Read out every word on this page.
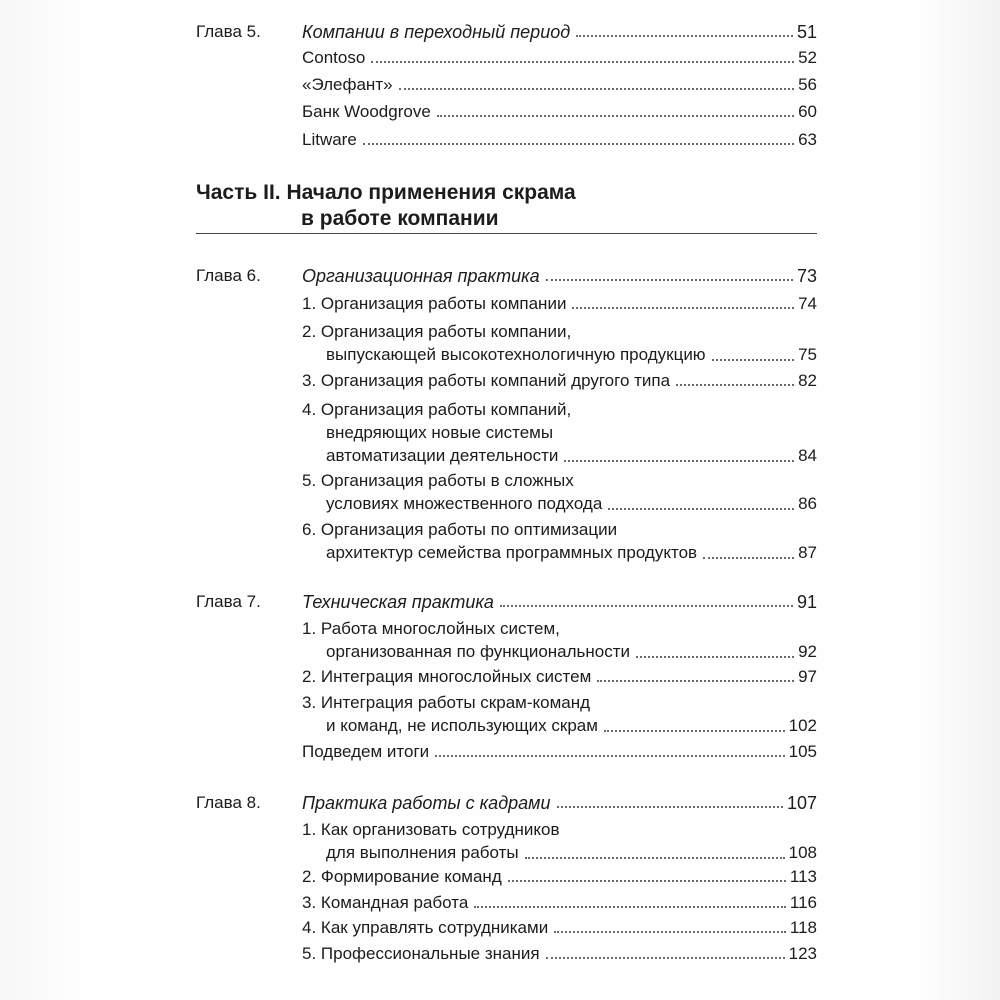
Глава 5. Компании в переходный период	51
Contoso	52
«Элефант»	56
Банк Woodgrove	60
Litware	63
Часть II. Начало применения скрама
в работе компании
Глава 6. Организационная практика	73
1. Организация работы компании	74
2. Организация работы компании,
выпускающей высокотехнологичную продукцию	75
3. Организация работы компаний другого типа	82
4. Организация работы компаний,
внедряющих новые системы
автоматизации деятельности	84
5. Организация работы в сложных
условиях множественного подхода	86
6. Организация работы по оптимизации
архитектур семейства программных продуктов	87
Глава 7. Техническая практика	91
1. Работа многослойных систем,
организованная по функциональности	92
2. Интеграция многослойных систем	97
3. Интеграция работы скрам-команд
и команд, не использующих скрам	102
Подведем итоги	105
Глава 8. Практика работы с кадрами	107
1. Как организовать сотрудников
для выполнения работы	108
2. Формирование команд	113
3. Командная работа	116
4. Как управлять сотрудниками	118
5. Профессиональные знания	123
